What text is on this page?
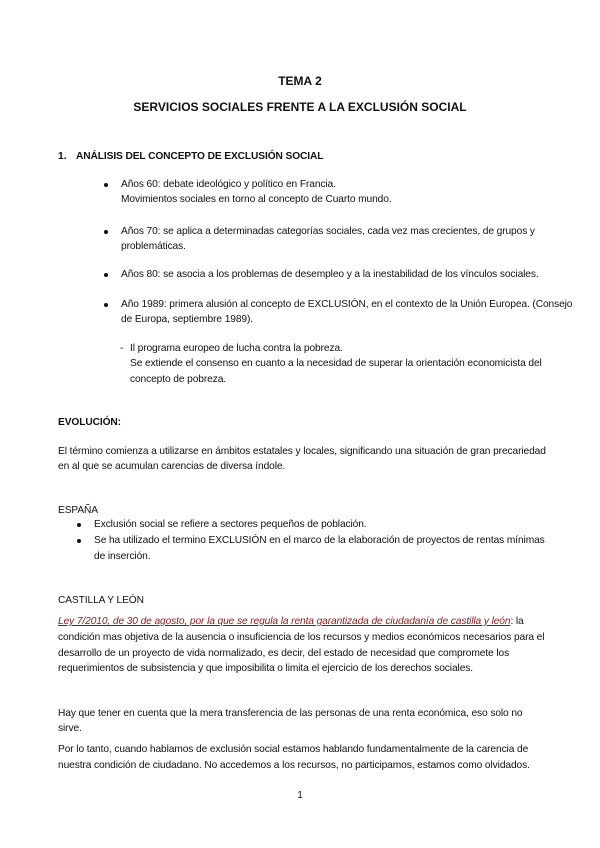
TEMA 2
SERVICIOS SOCIALES FRENTE A LA EXCLUSIÓN SOCIAL
1. ANÁLISIS DEL CONCEPTO DE EXCLUSIÓN SOCIAL
Años 60: debate ideológico y político en Francia.
Movimientos sociales en torno al concepto de Cuarto mundo.
Años 70: se aplica a determinadas categorías sociales, cada vez mas crecientes, de grupos y
problemáticas.
Años 80: se asocia a los problemas de desempleo y a la inestabilidad de los vínculos sociales.
Año 1989: primera alusión al concepto de EXCLUSIÓN, en el contexto de la Unión Europea. (Consejo
de Europa, septiembre 1989).
- Il programa europeo de lucha contra la pobreza.
Se extiende el consenso en cuanto a la necesidad de superar la orientación economicista del
concepto de pobreza.
EVOLUCIÓN:
El término comienza a utilizarse en ámbitos estatales y locales, significando una situación de gran precariedad
en al que se acumulan carencias de diversa índole.
ESPAÑA
Exclusión social se refiere a sectores pequeños de población.
Se ha utilizado el termino EXCLUSIÓN en el marco de la elaboración de proyectos de rentas mínimas
de inserción.
CASTILLA Y LEÓN
Ley 7/2010, de 30 de agosto, por la que se regula la renta garantizada de ciudadanía de castilla y león: la
condición mas objetiva de la ausencia o insuficiencia de los recursos y medios económicos necesarios para el
desarrollo de un proyecto de vida normalizado, es decir, del estado de necesidad que compromete los
requerimientos de subsistencia y que imposibilita o limita el ejercicio de los derechos sociales.
Hay que tener en cuenta que la mera transferencia de las personas de una renta económica, eso solo no
sirve.
Por lo tanto, cuando hablamos de exclusión social estamos hablando fundamentalmente de la carencia de
nuestra condición de ciudadano. No accedemos a los recursos, no participamos, estamos como olvidados.
1
